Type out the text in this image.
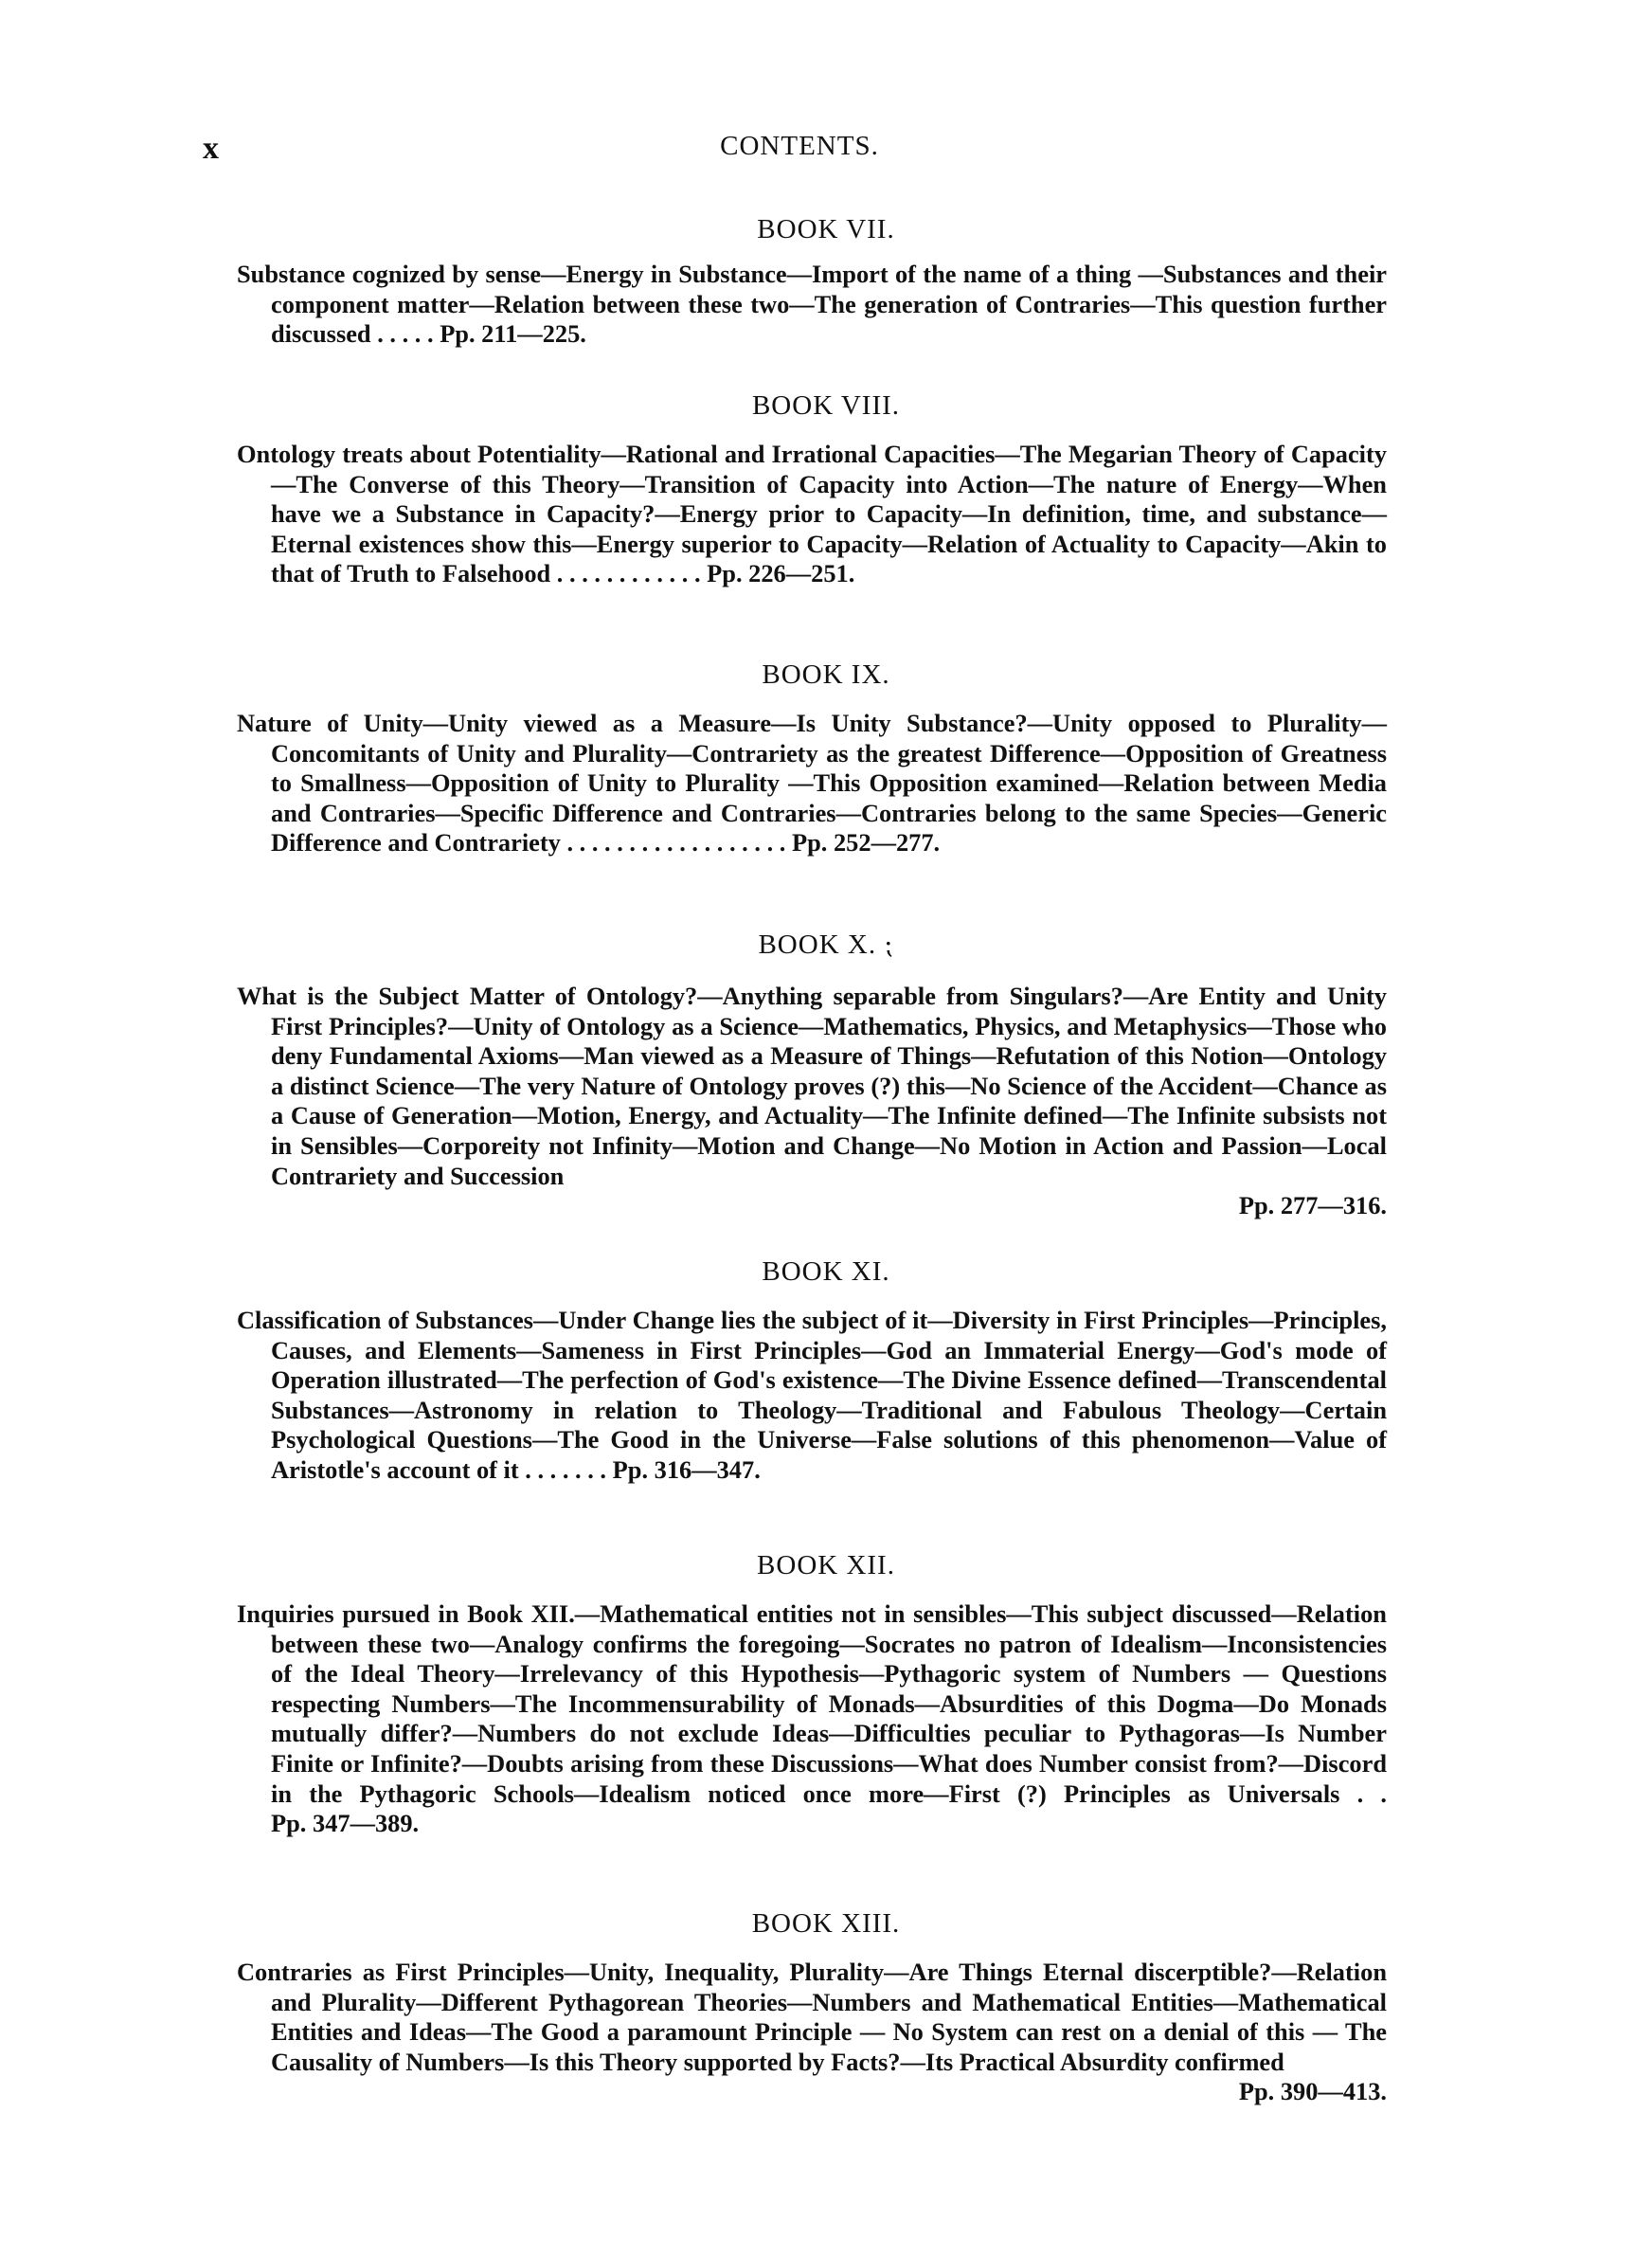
x	CONTENTS.
BOOK VII.
Substance cognized by sense—Energy in Substance—Import of the name of a thing —Substances and their component matter—Relation between these two—The generation of Contraries—This question further discussed . . . . . Pp. 211—225.
BOOK VIII.
Ontology treats about Potentiality—Rational and Irrational Capacities—The Megarian Theory of Capacity—The Converse of this Theory—Transition of Capacity into Action—The nature of Energy—When have we a Substance in Capacity?—Energy prior to Capacity—In definition, time, and substance—Eternal existences show this—Energy superior to Capacity—Relation of Actuality to Capacity—Akin to that of Truth to Falsehood . . . . . . . . . . . . Pp. 226—251.
BOOK IX.
Nature of Unity—Unity viewed as a Measure—Is Unity Substance?—Unity opposed to Plurality—Concomitants of Unity and Plurality—Contrariety as the greatest Difference—Opposition of Greatness to Smallness—Opposition of Unity to Plurality —This Opposition examined—Relation between Media and Contraries—Specific Difference and Contraries—Contraries belong to the same Species—Generic Difference and Contrariety . . . . . . . . . . . . . . . . . . Pp. 252—277.
BOOK X. ⁏
What is the Subject Matter of Ontology?—Anything separable from Singulars?—Are Entity and Unity First Principles?—Unity of Ontology as a Science—Mathematics, Physics, and Metaphysics—Those who deny Fundamental Axioms—Man viewed as a Measure of Things—Refutation of this Notion—Ontology a distinct Science—The very Nature of Ontology proves (?) this—No Science of the Accident—Chance as a Cause of Generation—Motion, Energy, and Actuality—The Infinite defined—The Infinite subsists not in Sensibles—Corporeity not Infinity—Motion and Change—No Motion in Action and Passion—Local Contrariety and Succession
Pp. 277—316.
BOOK XI.
Classification of Substances—Under Change lies the subject of it—Diversity in First Principles—Principles, Causes, and Elements—Sameness in First Principles—God an Immaterial Energy—God's mode of Operation illustrated—The perfection of God's existence—The Divine Essence defined—Transcendental Substances—Astronomy in relation to Theology—Traditional and Fabulous Theology—Certain Psychological Questions—The Good in the Universe—False solutions of this phenomenon—Value of Aristotle's account of it . . . . . . . Pp. 316—347.
BOOK XII.
Inquiries pursued in Book XII.—Mathematical entities not in sensibles—This subject discussed—Relation between these two—Analogy confirms the foregoing—Socrates no patron of Idealism—Inconsistencies of the Ideal Theory—Irrelevancy of this Hypothesis—Pythagoric system of Numbers — Questions respecting Numbers—The Incommensurability of Monads—Absurdities of this Dogma—Do Monads mutually differ?—Numbers do not exclude Ideas—Difficulties peculiar to Pythagoras—Is Number Finite or Infinite?—Doubts arising from these Discussions—What does Number consist from?—Discord in the Pythagoric Schools—Idealism noticed once more—First (?) Principles as Universals . . Pp. 347—389.
BOOK XIII.
Contraries as First Principles—Unity, Inequality, Plurality—Are Things Eternal discerptible?—Relation and Plurality—Different Pythagorean Theories—Numbers and Mathematical Entities—Mathematical Entities and Ideas—The Good a paramount Principle — No System can rest on a denial of this — The Causality of Numbers—Is this Theory supported by Facts?—Its Practical Absurdity confirmed
Pp. 390—413.
